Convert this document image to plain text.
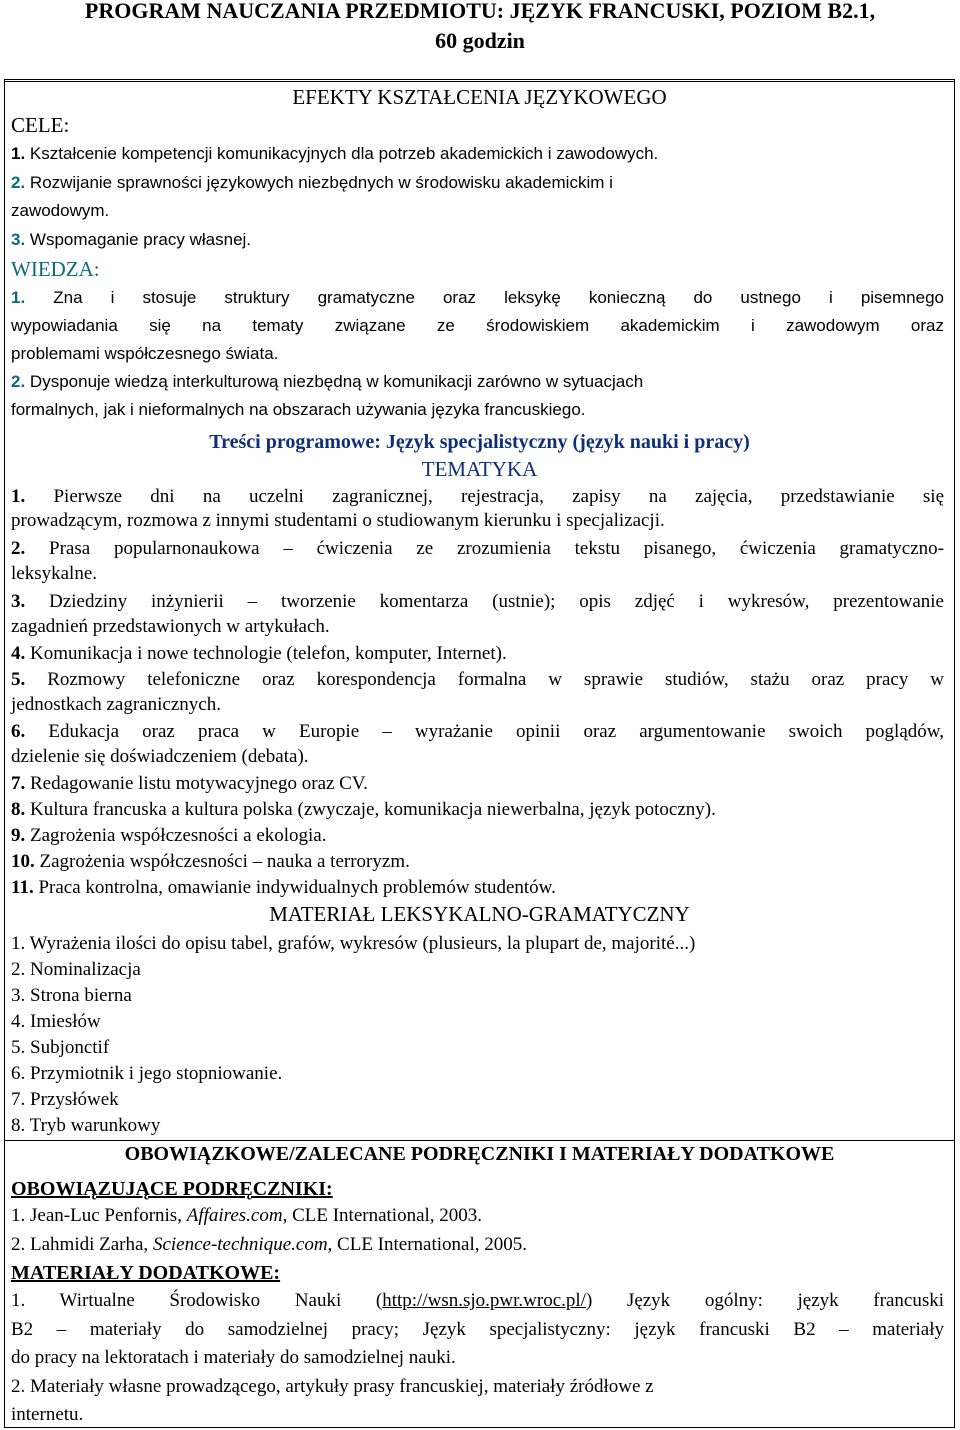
PROGRAM NAUCZANIA PRZEDMIOTU: JĘZYK FRANCUSKI, POZIOM B2.1,
60 godzin
EFEKTY KSZTAŁCENIA JĘZYKOWEGO
CELE:
1. Kształcenie kompetencji komunikacyjnych dla potrzeb akademickich i zawodowych.
2. Rozwijanie sprawności językowych niezbędnych w środowisku akademickim i
zawodowym.
3. Wspomaganie pracy własnej.
WIEDZA:
1. Zna i stosuje struktury gramatyczne oraz leksykę konieczną do ustnego i pisemnego
wypowiadania się na tematy związane ze środowiskiem akademickim i zawodowym oraz
problemami współczesnego świata.
2. Dysponuje wiedzą interkulturową niezbędną w komunikacji zarówno w sytuacjach
formalnych, jak i nieformalnych na obszarach używania języka francuskiego.
Treści programowe: Język specjalistyczny (język nauki i pracy)
TEMATYKA
1. Pierwsze dni na uczelni zagranicznej, rejestracja, zapisy na zajęcia, przedstawianie się
prowadzącym, rozmowa z innymi studentami o studiowanym kierunku i specjalizacji.
2. Prasa popularnonaukowa – ćwiczenia ze zrozumienia tekstu pisanego, ćwiczenia gramatyczno-
leksykalne.
3. Dziedziny inżynierii – tworzenie komentarza (ustnie); opis zdjęć i wykresów, prezentowanie
zagadnień przedstawionych w artykułach.
4. Komunikacja i nowe technologie (telefon, komputer, Internet).
5. Rozmowy telefoniczne oraz korespondencja formalna w sprawie studiów, stażu oraz pracy w
jednostkach zagranicznych.
6. Edukacja oraz praca w Europie – wyrażanie opinii oraz argumentowanie swoich poglądów,
dzielenie się doświadczeniem (debata).
7. Redagowanie listu motywacyjnego oraz CV.
8. Kultura francuska a kultura polska (zwyczaje, komunikacja niewerbalna, język potoczny).
9. Zagrożenia współczesności a ekologia.
10. Zagrożenia współczesności – nauka a terroryzm.
11. Praca kontrolna, omawianie indywidualnych problemów studentów.
MATERIAŁ LEKSYKALNO-GRAMATYCZNY
1. Wyrażenia ilości do opisu tabel, grafów, wykresów (plusieurs, la plupart de, majorité...)
2. Nominalizacja
3. Strona bierna
4. Imiesłów
5. Subjonctif
6. Przymiotnik i jego stopniowanie.
7. Przysłówek
8. Tryb warunkowy
OBOWIĄZKOWE/ZALECANE PODRĘCZNIKI I MATERIAŁY DODATKOWE
OBOWIĄZUJĄCE PODRĘCZNIKI:
1. Jean-Luc Penfornis, Affaires.com, CLE International, 2003.
2. Lahmidi Zarha, Science-technique.com, CLE International, 2005.
MATERIAŁY DODATKOWE:
1. Wirtualne Środowisko Nauki (http://wsn.sjo.pwr.wroc.pl/) Język ogólny: język francuski
B2 – materiały do samodzielnej pracy; Język specjalistyczny: język francuski B2 – materiały
do pracy na lektoratach i materiały do samodzielnej nauki.
2. Materiały własne prowadzącego, artykuły prasy francuskiej, materiały źródłowe z
internetu.
